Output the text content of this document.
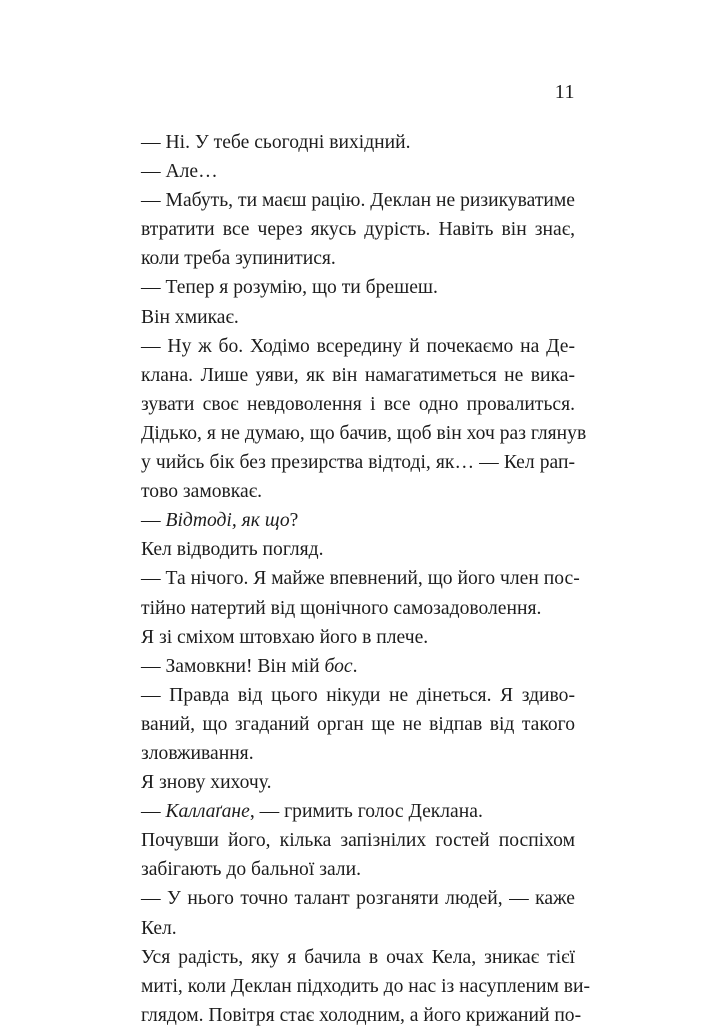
11
— Ні. У тебе сьогодні вихідний.
— Але…
— Мабуть, ти маєш рацію. Деклан не ризикуватиме
втратити все через якусь дурість. Навіть він знає,
коли треба зупинитися.
— Тепер я розумію, що ти брешеш.
Він хмикає.
— Ну ж бо. Ходімо всередину й почекаємо на Де-
клана. Лише уяви, як він намагатиметься не вика-
зувати своє невдоволення і все одно провалиться.
Дідько, я не думаю, що бачив, щоб він хоч раз глянув
у чийсь бік без презирства відтоді, як… — Кел рап-
тово замовкає.
— Відтоді, як що?
Кел відводить погляд.
— Та нічого. Я майже впевнений, що його член пос-
тійно натертий від щонічного самозадоволення.
Я зі сміхом штовхаю його в плече.
— Замовкни! Він мій бос.
— Правда від цього нікуди не дінеться. Я здиво-
ваний, що згаданий орган ще не відпав від такого
зловживання.
Я знову хихочу.
— Каллаґане, — гримить голос Деклана.
Почувши його, кілька запізнілих гостей поспіхом
забігають до бальної зали.
— У нього точно талант розганяти людей, — каже
Кел.
Уся радість, яку я бачила в очах Кела, зникає тієї
миті, коли Деклан підходить до нас із насупленим ви-
глядом. Повітря стає холодним, а його крижаний по-
